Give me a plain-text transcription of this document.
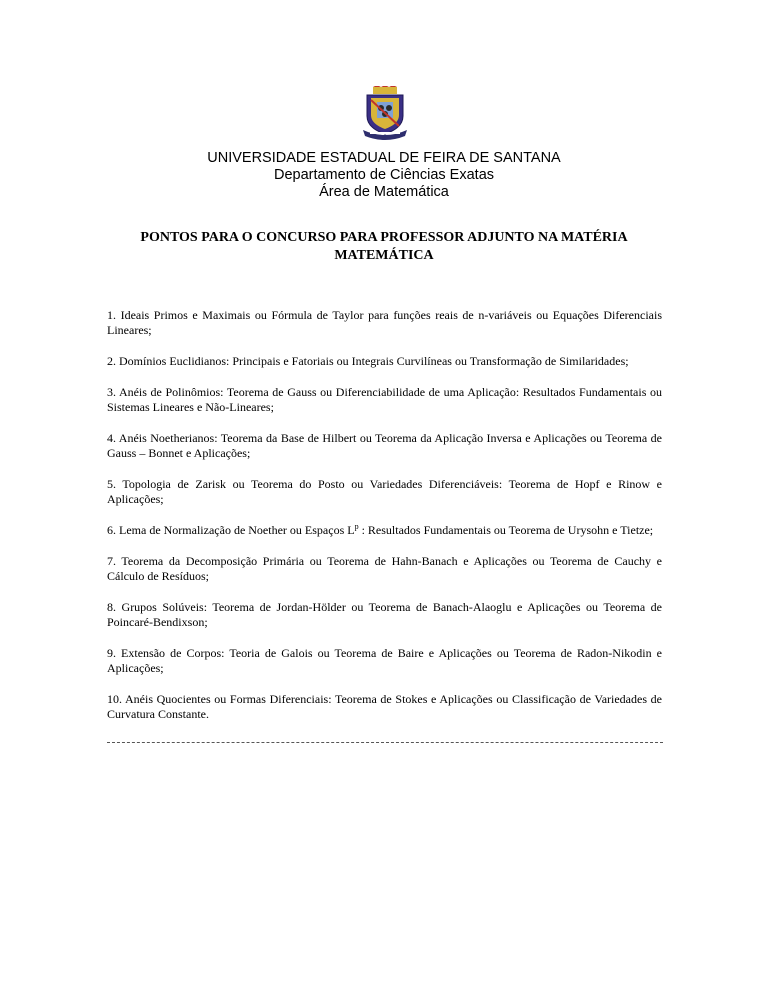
UNIVERSIDADE ESTADUAL DE FEIRA DE SANTANA
Departamento de Ciências Exatas
Área de Matemática
PONTOS PARA O CONCURSO PARA PROFESSOR ADJUNTO NA MATÉRIA MATEMÁTICA

1. Ideais Primos e Maximais ou Fórmula de Taylor para funções reais de n-variáveis ou Equações Diferenciais Lineares;

2. Domínios Euclidianos: Principais e Fatoriais ou Integrais Curvilíneas ou Transformação de Similaridades;

3. Anéis de Polinômios: Teorema de Gauss ou Diferenciabilidade de uma Aplicação: Resultados Fundamentais ou Sistemas Lineares e Não-Lineares;

4. Anéis Noetherianos: Teorema da Base de Hilbert ou Teorema da Aplicação Inversa e Aplicações ou Teorema de Gauss – Bonnet e Aplicações;

5. Topologia de Zarisk ou Teorema do Posto ou Variedades Diferenciáveis: Teorema de Hopf e Rinow e Aplicações;

6. Lema de Normalização de Noether ou Espaços $L^p$ : Resultados Fundamentais ou Teorema de Urysohn e Tietze;

7. Teorema da Decomposição Primária ou Teorema de Hahn-Banach e Aplicações ou Teorema de Cauchy e Cálculo de Resíduos;

8. Grupos Solúveis: Teorema de Jordan-Hölder ou Teorema de Banach-Alaoglu e Aplicações ou Teorema de Poincaré-Bendixson;

9. Extensão de Corpos: Teoria de Galois ou Teorema de Baire e Aplicações ou Teorema de Radon-Nikodin e Aplicações;

10. Anéis Quocientes ou Formas Diferenciais: Teorema de Stokes e Aplicações ou Classificação de Variedades de Curvatura Constante.
